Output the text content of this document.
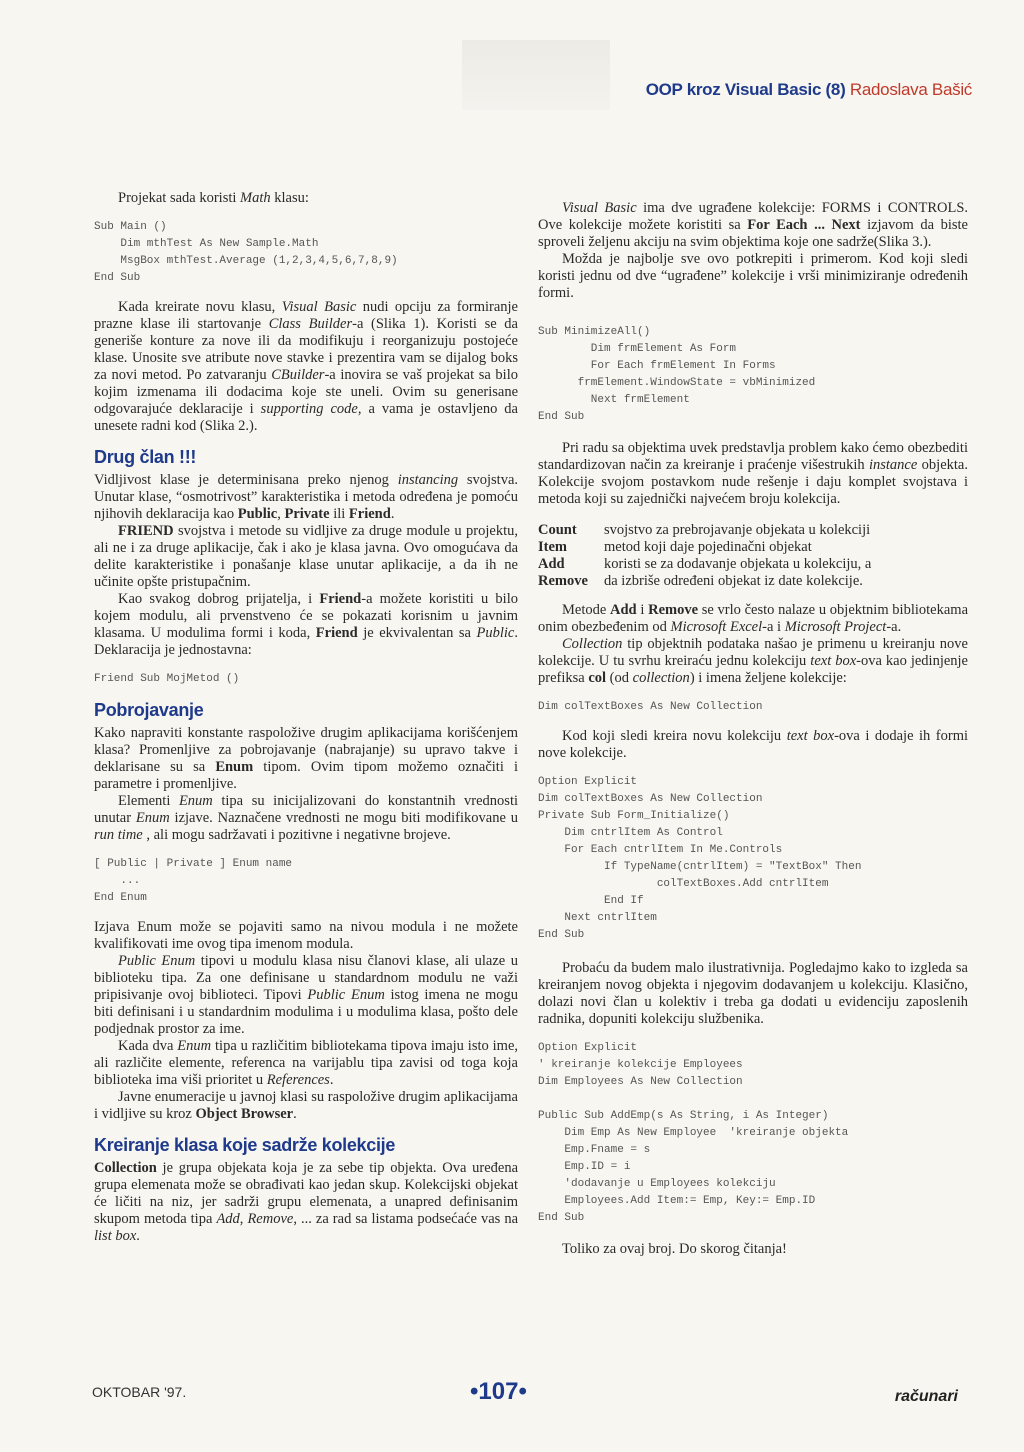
OOP kroz Visual Basic (8) Radoslava Bašić

Projekat sada koristi Math klasu:

Sub Main ()
Dim mthTest As New Sample.Math
MsgBox mthTest.Average (1,2,3,4,5,6,7,8,9)
End Sub

Kada kreirate novu klasu, Visual Basic nudi opciju za formiranje prazne klase ili startovanje Class Builder-a (Slika 1). Koristi se da generiše konture za nove ili da modifikuju i reorganizuju postojeće klase. Unosite sve atribute nove stavke i prezentira vam se dijalog boks za novi metod. Po zatvaranju CBuilder-a inovira se vaš projekat sa bilo kojim izmenama ili dodacima koje ste uneli. Ovim su generisane odgovarajuće deklaracije i supporting code, a vama je ostavljeno da unesete radni kod (Slika 2.).

Drug član !!!

Vidljivost klase je determinisana preko njenog instancing svojstva. Unutar klase, “osmotrivost” karakteristika i metoda određena je pomoću njihovih deklaracija kao Public, Private ili Friend.

FRIEND svojstva i metode su vidljive za druge module u projektu, ali ne i za druge aplikacije, čak i ako je klasa javna. Ovo omogućava da delite karakteristike i ponašanje klase unutar aplikacije, a da ih ne učinite opšte pristupačnim.

Kao svakog dobrog prijatelja, i Friend-a možete koristiti u bilo kojem modulu, ali prvenstveno će se pokazati korisnim u javnim klasama. U modulima formi i koda, Friend je ekvivalentan sa Public. Deklaracija je jednostavna:

Friend Sub MojMetod ()
Pobrojavanje

Kako napraviti konstante raspoložive drugim aplikacijama korišćenjem klasa? Promenljive za pobrojavanje (nabrajanje) su upravo takve i deklarisane su sa Enum tipom. Ovim tipom možemo označiti i parametre i promenljive.

Elementi Enum tipa su inicijalizovani do konstantnih vrednosti unutar Enum izjave. Naznačene vrednosti ne mogu biti modifikovane u run time , ali mogu sadržavati i pozitivne i negativne brojeve.

[ Public | Private ] Enum name
...
End Enum

Izjava Enum može se pojaviti samo na nivou modula i ne možete kvalifikovati ime ovog tipa imenom modula.

Public Enum tipovi u modulu klasa nisu članovi klase, ali ulaze u biblioteku tipa. Za one definisane u standardnom modulu ne važi pripisivanje ovoj biblioteci. Tipovi Public Enum istog imena ne mogu biti definisani i u standardnim modulima i u modulima klasa, pošto dele podjednak prostor za ime.

Kada dva Enum tipa u različitim bibliotekama tipova imaju isto ime, ali različite elemente, referenca na varijablu tipa zavisi od toga koja biblioteka ima viši prioritet u References.

Javne enumeracije u javnoj klasi su raspoložive drugim aplikacijama i vidljive su kroz Object Browser.

Kreiranje klasa koje sadrže kolekcije

Collection je grupa objekata koja je za sebe tip objekta. Ova uređena grupa elemenata može se obrađivati kao jedan skup. Kolekcijski objekat će ličiti na niz, jer sadrži grupu elemenata, a unapred definisanim skupom metoda tipa Add, Remove, ... za rad sa listama podsećaće vas na list box.

Visual Basic ima dve ugrađene kolekcije: FORMS i CONTROLS. Ove kolekcije možete koristiti sa For Each ... Next izjavom da biste sproveli željenu akciju na svim objektima koje one sadrže(Slika 3.).

Možda je najbolje sve ovo potkrepiti i primerom. Kod koji sledi koristi jednu od dve “ugrađene” kolekcije i vrši minimiziranje određenih formi.

Sub MinimizeAll()
Dim frmElement As Form
For Each frmElement In Forms
frmElement.WindowState = vbMinimized
Next frmElement
End Sub

Pri radu sa objektima uvek predstavlja problem kako ćemo obezbediti standardizovan način za kreiranje i praćenje višestrukih instance objekta. Kolekcije svojom postavkom nude rešenje i daju komplet svojstava i metoda koji su zajednički najvećem broju kolekcija.

Count	svojstvo za prebrojavanje objekata u kolekciji
Item	metod koji daje pojedinačni objekat
Add	koristi se za dodavanje objekata u kolekciju, a
Remove	da izbriše određeni objekat iz date kolekcije.

Metode Add i Remove se vrlo često nalaze u objektnim bibliotekama onim obezbeđenim od Microsoft Excel-a i Microsoft Project-a.

Collection tip objektnih podataka našao je primenu u kreiranju nove kolekcije. U tu svrhu kreiraću jednu kolekciju text box-ova kao jedinjenje prefiksa col (od collection) i imena željene kolekcije:

Dim colTextBoxes As New Collection

Kod koji sledi kreira novu kolekciju text box-ova i dodaje ih formi nove kolekcije.

Option Explicit
Dim colTextBoxes As New Collection
Private Sub Form_Initialize()
Dim cntrlItem As Control
For Each cntrlItem In Me.Controls
If TypeName(cntrlItem) = "TextBox" Then
colTextBoxes.Add cntrlItem
End If
Next cntrlItem
End Sub

Probaću da budem malo ilustrativnija. Pogledajmo kako to izgleda sa kreiranjem novog objekta i njegovim dodavanjem u kolekciju. Klasično, dolazi novi član u kolektiv i treba ga dodati u evidenciju zaposlenih radnika, dopuniti kolekciju službenika.

Option Explicit
' kreiranje kolekcije Employees
Dim Employees As New Collection

Public Sub AddEmp(s As String, i As Integer)
Dim Emp As New Employee  'kreiranje objekta
Emp.Fname = s
Emp.ID = i
'dodavanje u Employees kolekciju
Employees.Add Item:= Emp, Key:= Emp.ID
End Sub

Toliko za ovaj broj. Do skorog čitanja!

OKTOBAR '97.	•107•	računari
